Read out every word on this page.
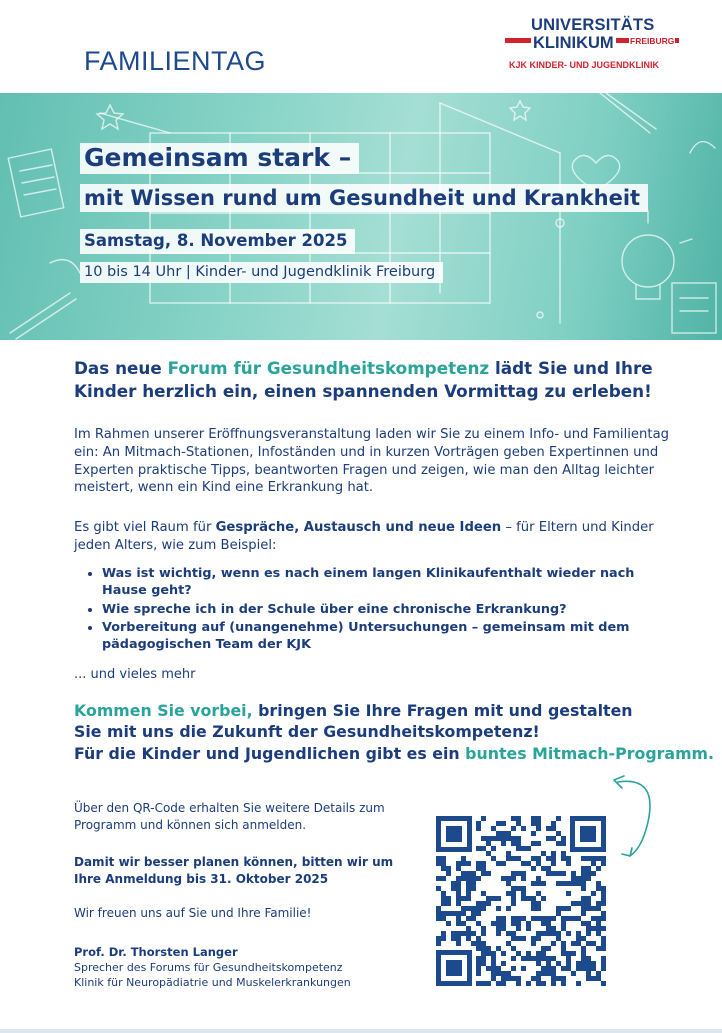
FAMILIENTAG
UNIVERSITÄTS
KLINIKUM FREIBURG
KJK KINDER- UND JUGENDKLINIK
Gemeinsam stark –
mit Wissen rund um Gesundheit und Krankheit
Samstag, 8. November 2025
10 bis 14 Uhr | Kinder- und Jugendklinik Freiburg
Das neue Forum für Gesundheitskompetenz lädt Sie und Ihre Kinder herzlich ein, einen spannenden Vormittag zu erleben!
Im Rahmen unserer Eröffnungsveranstaltung laden wir Sie zu einem Info- und Familientag ein: An Mitmach-Stationen, Infoständen und in kurzen Vorträgen geben Expertinnen und Experten praktische Tipps, beantworten Fragen und zeigen, wie man den Alltag leichter meistert, wenn ein Kind eine Erkrankung hat.
Es gibt viel Raum für Gespräche, Austausch und neue Ideen – für Eltern und Kinder jeden Alters, wie zum Beispiel:
• Was ist wichtig, wenn es nach einem langen Klinikaufenthalt wieder nach Hause geht?
• Wie spreche ich in der Schule über eine chronische Erkrankung?
• Vorbereitung auf (unangenehme) Untersuchungen – gemeinsam mit dem pädagogischen Team der KJK
... und vieles mehr
Kommen Sie vorbei, bringen Sie Ihre Fragen mit und gestalten
Sie mit uns die Zukunft der Gesundheitskompetenz!
Für die Kinder und Jugendlichen gibt es ein buntes Mitmach-Programm.
Über den QR-Code erhalten Sie weitere Details zum Programm und können sich anmelden.
Damit wir besser planen können, bitten wir um Ihre Anmeldung bis 31. Oktober 2025
Wir freuen uns auf Sie und Ihre Familie!
Prof. Dr. Thorsten Langer
Sprecher des Forums für Gesundheitskompetenz
Klinik für Neuropädiatrie und Muskelerkrankungen
